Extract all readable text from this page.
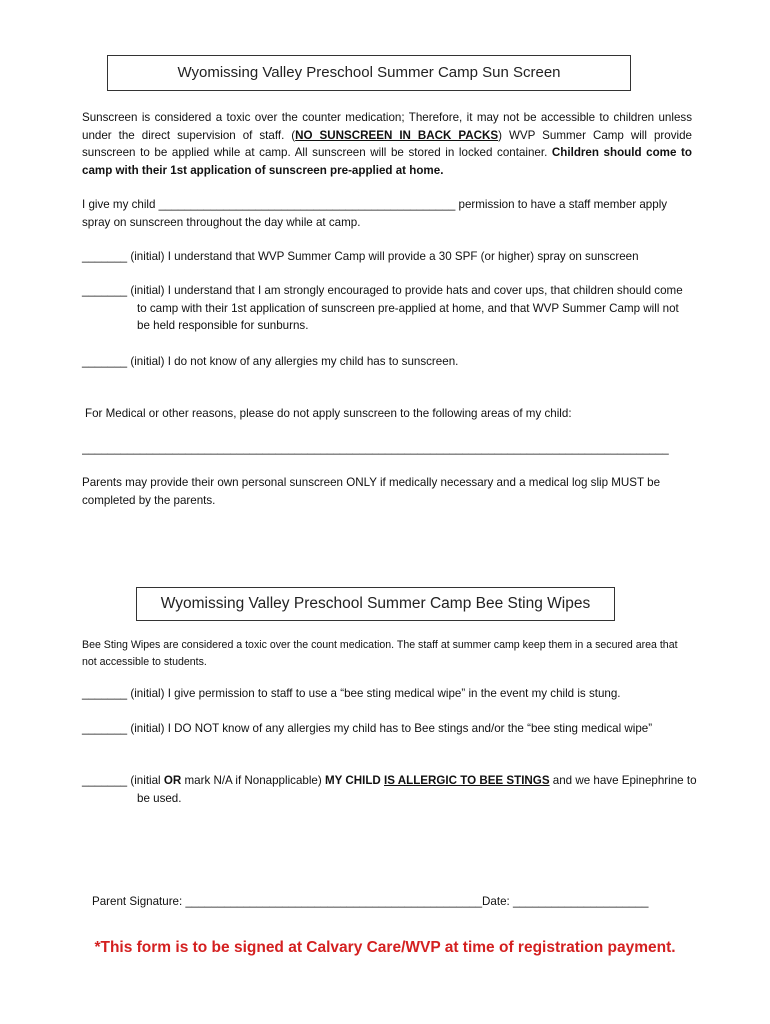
Wyomissing Valley Preschool Summer Camp Sun Screen
Sunscreen is considered a toxic over the counter medication; Therefore, it may not be accessible to children unless under the direct supervision of staff. (NO SUNSCREEN IN BACK PACKS) WVP Summer Camp will provide sunscreen to be applied while at camp. All sunscreen will be stored in locked container. Children should come to camp with their 1st application of sunscreen pre-applied at home.
I give my child ______________________________________________ permission to have a staff member apply spray on sunscreen throughout the day while at camp.
_______ (initial) I understand that WVP Summer Camp will provide a 30 SPF (or higher) spray on sunscreen
_______ (initial) I understand that I am strongly encouraged to provide hats and cover ups, that children should come to camp with their 1st application of sunscreen pre-applied at home, and that WVP Summer Camp will not be held responsible for sunburns.
_______ (initial) I do not know of any allergies my child has to sunscreen.
For Medical or other reasons, please do not apply sunscreen to the following areas of my child:
___________________________________________________________________________________________
Parents may provide their own personal sunscreen ONLY if medically necessary and a medical log slip MUST be completed by the parents.
Wyomissing Valley Preschool Summer Camp Bee Sting Wipes
Bee Sting Wipes are considered a toxic over the count medication. The staff at summer camp keep them in a secured area that not accessible to students.
_______ (initial) I give permission to staff to use a “bee sting medical wipe” in the event my child is stung.
_______ (initial) I DO NOT know of any allergies my child has to Bee stings and/or the “bee sting medical wipe”
_______ (initial OR mark N/A if Nonapplicable) MY CHILD IS ALLERGIC TO BEE STINGS and we have Epinephrine to be used.
Parent Signature: ______________________________________________Date: _____________________
*This form is to be signed at Calvary Care/WVP at time of registration payment.
